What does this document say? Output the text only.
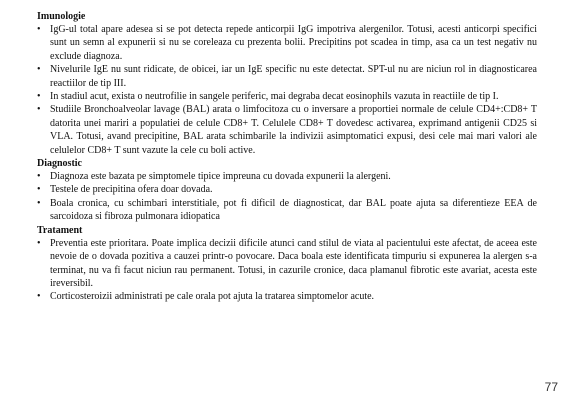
Imunologie

• IgG-ul total apare adesea si se pot detecta repede anticorpii IgG impotriva alergenilor. Totusi, acesti anticorpi specifici sunt un semn al expunerii si nu se coreleaza cu prezenta bolii. Precipitins pot scadea in timp, asa ca un test negativ nu exclude diagnoza.
• Nivelurile IgE nu sunt ridicate, de obicei, iar un IgE specific nu este detectat. SPT-ul nu are niciun rol in diagnosticarea reactiilor de tip III.
• In stadiul acut, exista o neutrofilie in sangele periferic, mai degraba decat eosinophils vazuta in reactiile de tip I.
• Studiile Bronchoalveolar lavage (BAL) arata o limfocitoza cu o inversare a proportiei normale de celule CD4+:CD8+ T datorita unei mariri a populatiei de celule CD8+ T. Celulele CD8+ T dovedesc activarea, exprimand antigenii CD25 si VLA. Totusi, avand precipitine, BAL arata schimbarile la indivizii asimptomatici expusi, desi cele mai mari valori ale celulelor CD8+ T sunt vazute la cele cu boli active.

Diagnostic

• Diagnoza este bazata pe simptomele tipice impreuna cu dovada expunerii la alergeni.
• Testele de precipitina ofera doar dovada.
• Boala cronica, cu schimbari interstitiale, pot fi dificil de diagnosticat, dar BAL poate ajuta sa diferentieze EEA de sarcoidoza si fibroza pulmonara idiopatica

Tratament

• Preventia este prioritara. Poate implica decizii dificile atunci cand stilul de viata al pacientului este afectat, de aceea este nevoie de o dovada pozitiva a cauzei printr-o povocare. Daca boala este identificata timpuriu si expunerea la alergen s-a terminat, nu va fi facut niciun rau permanent. Totusi, in cazurile cronice, daca plamanul fibrotic este avariat, acesta este ireversibil.
• Corticosteroizii administrati pe cale orala pot ajuta la tratarea simptomelor acute.
77
